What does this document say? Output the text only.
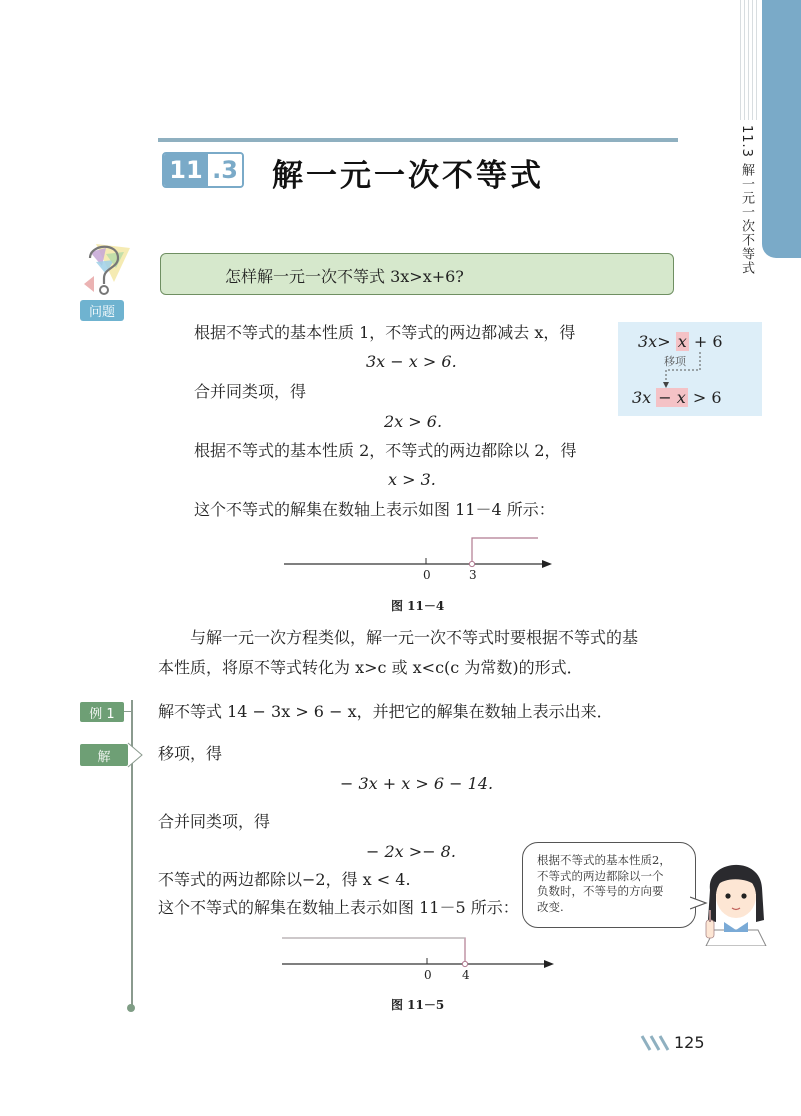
11.3 解一元一次不等式
11 .3 解一元一次不等式
问题
怎样解一元一次不等式 3x>x+6?
根据不等式的基本性质 1，不等式的两边都减去 x，得
3x − x > 6.
合并同类项，得
2x > 6.
根据不等式的基本性质 2，不等式的两边都除以 2，得
x > 3.
这个不等式的解集在数轴上表示如图 11－4 所示：
3x> x + 6
移项
3x − x > 6
0	3
图 11－4
与解一元一次方程类似，解一元一次不等式时要根据不等式的基
本性质，将原不等式转化为 x>c 或 x<c(c 为常数)的形式．
例 1	解不等式 14 − 3x > 6 − x，并把它的解集在数轴上表示出来．
解	移项，得
− 3x + x > 6 − 14.
合并同类项，得
− 2x >− 8.
不等式的两边都除以−2，得 x < 4.
这个不等式的解集在数轴上表示如图 11－5 所示：
根据不等式的基本性质2，
不等式的两边都除以一个
负数时，不等号的方向要
改变.
0	4
图 11－5
125
